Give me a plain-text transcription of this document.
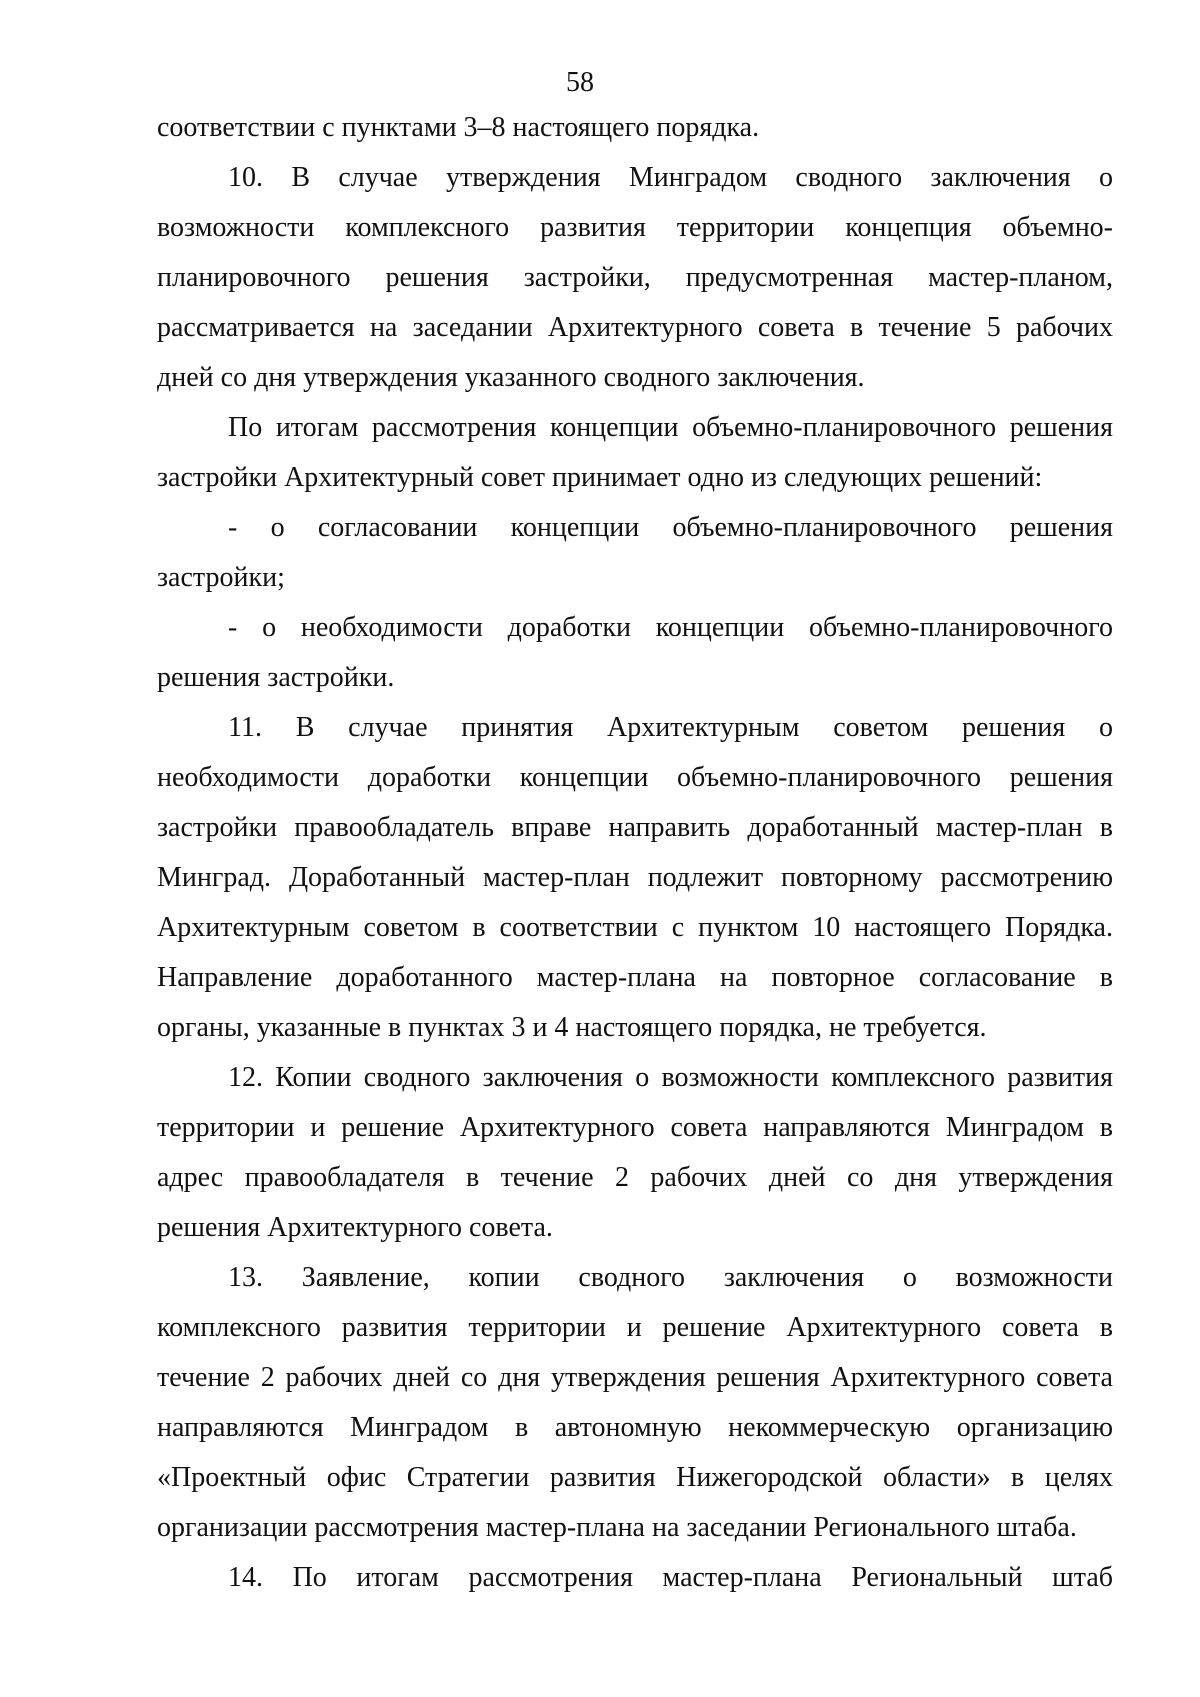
58
соответствии с пунктами 3–8 настоящего порядка.
10. В случае утверждения Минградом сводного заключения о
возможности комплексного развития территории концепция объемно-
планировочного решения застройки, предусмотренная мастер-планом,
рассматривается на заседании Архитектурного совета в течение 5 рабочих
дней со дня утверждения указанного сводного заключения.
По итогам рассмотрения концепции объемно-планировочного решения
застройки Архитектурный совет принимает одно из следующих решений:
- о согласовании концепции объемно-планировочного решения
застройки;
- о необходимости доработки концепции объемно-планировочного
решения застройки.
11. В случае принятия Архитектурным советом решения о
необходимости доработки концепции объемно-планировочного решения
застройки правообладатель вправе направить доработанный мастер-план в
Минград. Доработанный мастер-план подлежит повторному рассмотрению
Архитектурным советом в соответствии с пунктом 10 настоящего Порядка.
Направление доработанного мастер-плана на повторное согласование в
органы, указанные в пунктах 3 и 4 настоящего порядка, не требуется.
12. Копии сводного заключения о возможности комплексного развития
территории и решение Архитектурного совета направляются Минградом в
адрес правообладателя в течение 2 рабочих дней со дня утверждения
решения Архитектурного совета.
13. Заявление, копии сводного заключения о возможности
комплексного развития территории и решение Архитектурного совета в
течение 2 рабочих дней со дня утверждения решения Архитектурного совета
направляются Минградом в автономную некоммерческую организацию
«Проектный офис Стратегии развития Нижегородской области» в целях
организации рассмотрения мастер-плана на заседании Регионального штаба.
14. По итогам рассмотрения мастер-плана Региональный штаб
